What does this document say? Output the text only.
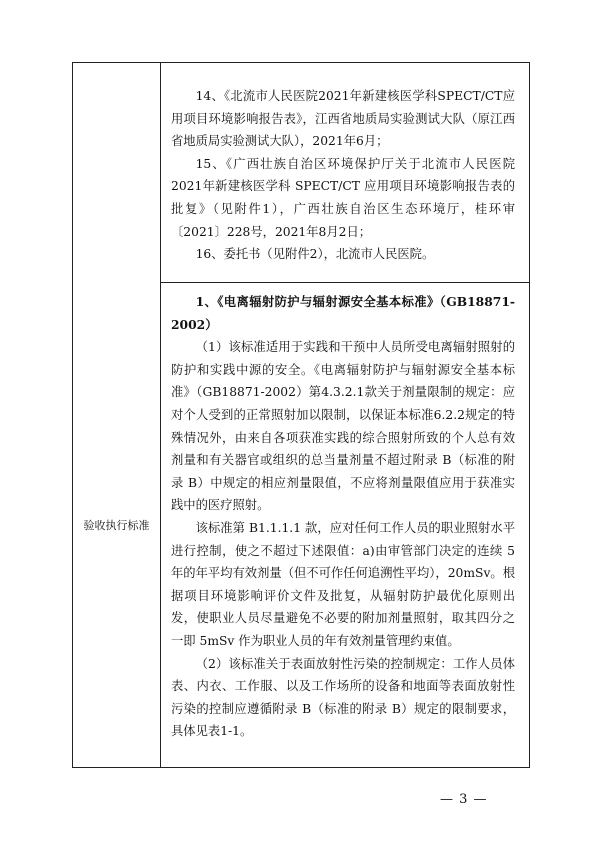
14、《北流市人民医院2021年新建核医学科SPECT/CT应用项目环境影响报告表》，江西省地质局实验测试大队（原江西省地质局实验测试大队），2021年6月；

15、《广西壮族自治区环境保护厅关于北流市人民医院2021年新建核医学科 SPECT/CT 应用项目环境影响报告表的批复》（见附件1），广西壮族自治区生态环境厅，桂环审〔2021〕228号，2021年8月2日；

16、委托书（见附件2），北流市人民医院。

验收执行标准

1、《电离辐射防护与辐射源安全基本标准》（GB18871-2002）

（1）该标准适用于实践和干预中人员所受电离辐射照射的防护和实践中源的安全。《电离辐射防护与辐射源安全基本标准》（GB18871-2002）第4.3.2.1款关于剂量限制的规定：应对个人受到的正常照射加以限制，以保证本标准6.2.2规定的特殊情况外，由来自各项获准实践的综合照射所致的个人总有效剂量和有关器官或组织的总当量剂量不超过附录 B（标准的附录 B）中规定的相应剂量限值，不应将剂量限值应用于获准实践中的医疗照射。

该标准第 B1.1.1.1 款，应对任何工作人员的职业照射水平进行控制，使之不超过下述限值：a)由审管部门决定的连续 5 年的年平均有效剂量（但不可作任何追溯性平均），20mSv。根据项目环境影响评价文件及批复，从辐射防护最优化原则出发，使职业人员尽量避免不必要的附加剂量照射，取其四分之一即 5mSv 作为职业人员的年有效剂量管理约束值。

（2）该标准关于表面放射性污染的控制规定：工作人员体表、内衣、工作服、以及工作场所的设备和地面等表面放射性污染的控制应遵循附录 B（标准的附录 B）规定的限制要求，具体见表1-1。

— 3 —
